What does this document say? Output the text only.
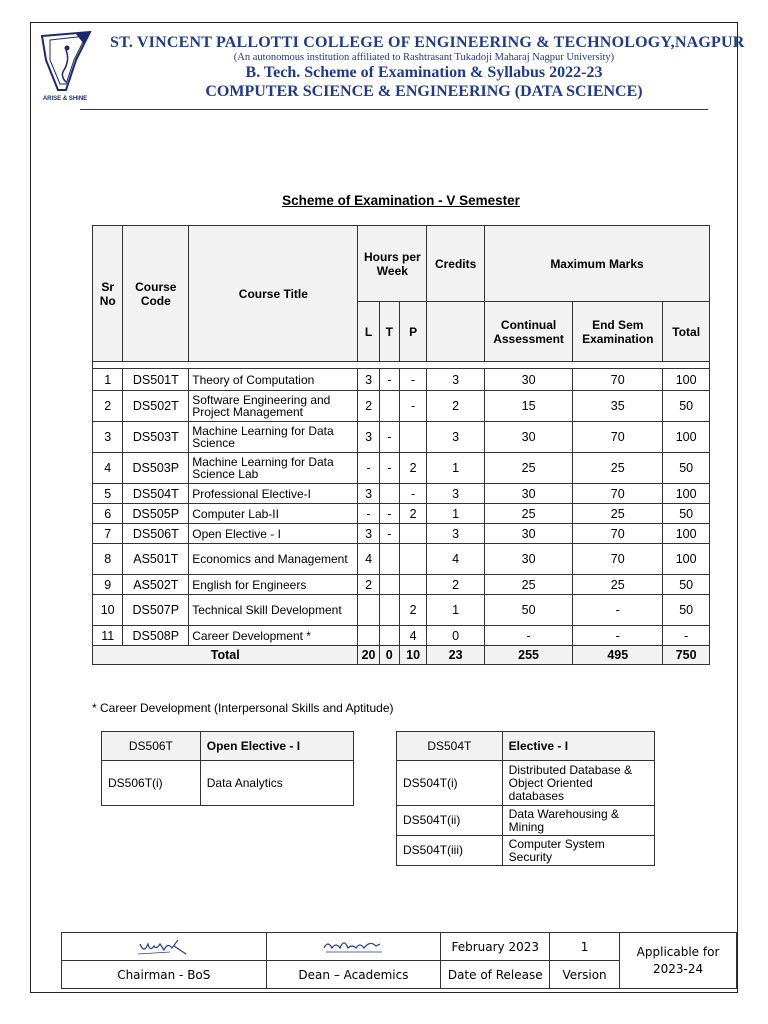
ARISE & SHINE
ST. VINCENT PALLOTTI COLLEGE OF ENGINEERING & TECHNOLOGY,NAGPUR
(An autonomous institution affiliated to Rashtrasant Tukadoji Maharaj Nagpur University)
B. Tech. Scheme of Examination & Syllabus 2022-23
COMPUTER SCIENCE & ENGINEERING (DATA SCIENCE)
Scheme of Examination - V Semester
Sr No	Course Code	Course Title	Hours per Week			Credits	Maximum Marks		
			L	T	P		Continual Assessment	End Sem Examination	Total

1	DS501T	Theory of Computation	3	-	-	3	30	70	100
2	DS502T	Software Engineering and Project Management	2		-	2	15	35	50
3	DS503T	Machine Learning for Data Science	3	-		3	30	70	100
4	DS503P	Machine Learning for Data Science Lab	-	-	2	1	25	25	50
5	DS504T	Professional Elective-I	3		-	3	30	70	100
6	DS505P	Computer Lab-II	-	-	2	1	25	25	50
7	DS506T	Open Elective - I	3	-		3	30	70	100
8	AS501T	Economics and Management	4			4	30	70	100
9	AS502T	English for Engineers	2			2	25	25	50
10	DS507P	Technical Skill Development			2	1	50	-	50
11	DS508P	Career Development *			4	0	-	-	-
Total			20	0	10	23	255	495	750
* Career Development (Interpersonal Skills and Aptitude)
DS506T	Open Elective - I
DS506T(i)	Data Analytics
DS504T	Elective - I
DS504T(i)	Distributed Database & Object Oriented databases
DS504T(ii)	Data Warehousing & Mining
DS504T(iii)	Computer System Security

	February 2023	1	Applicable for 2023-24
Chairman - BoS	Dean – Academics	Date of Release	Version	
